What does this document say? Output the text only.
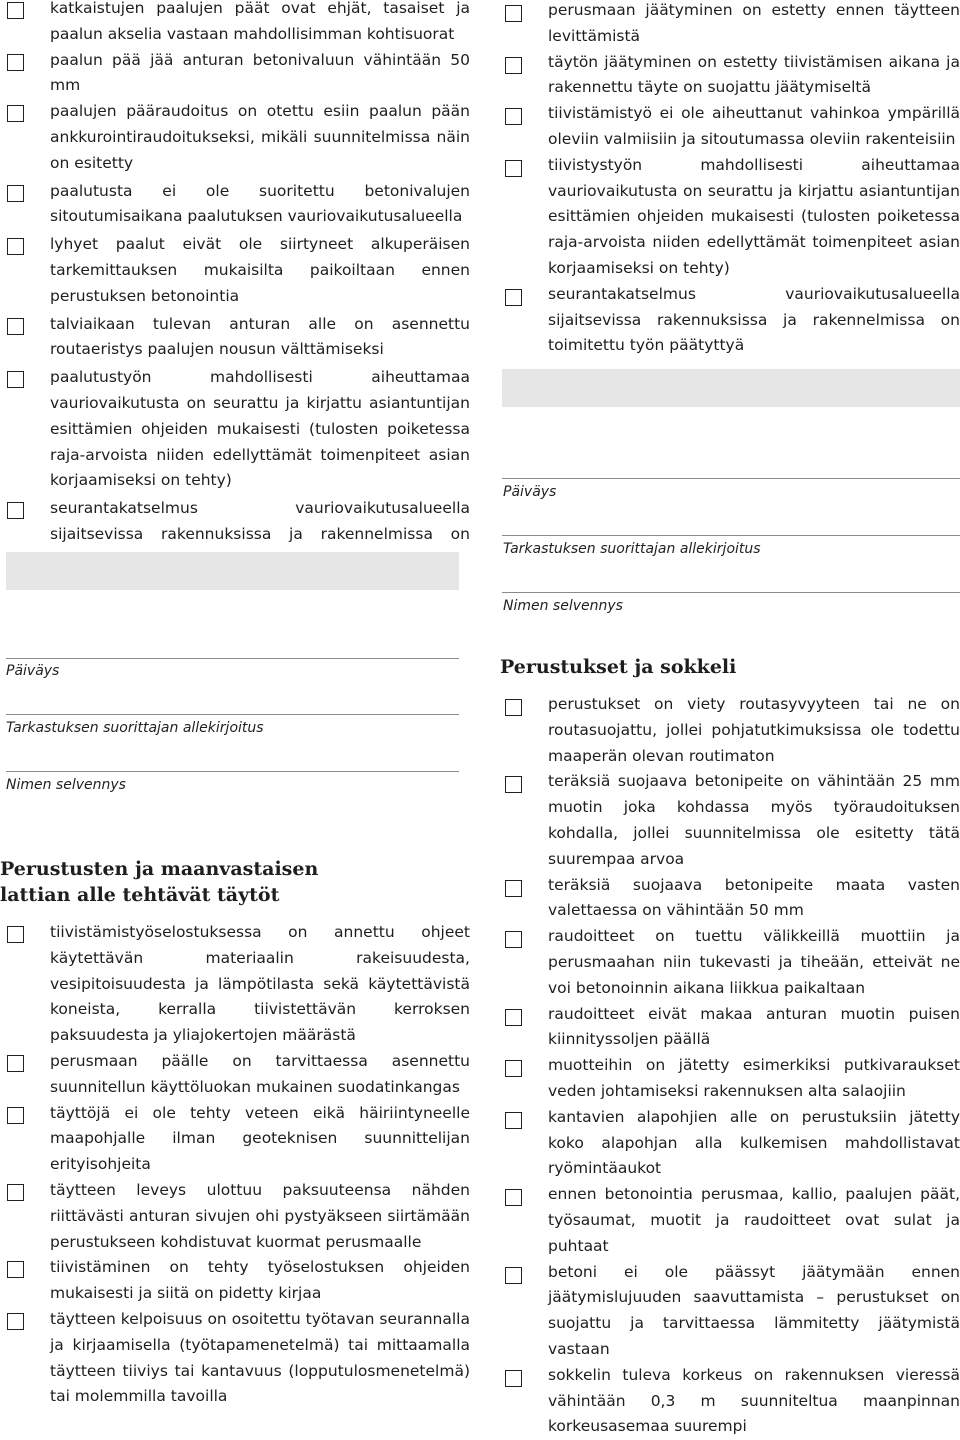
katkaistujen paalujen päät ovat ehjät, tasaiset ja paalun akselia vastaan mahdollisimman kohtisuorat
paalun pää jää anturan betonivaluun vähintään 50 mm
paalujen pääraudoitus on otettu esiin paalun pään ankkurointiraudoitukseksi, mikäli suunnitelmissa näin on esitetty
paalutusta ei ole suoritettu betonivalujen sitoutumisaikana paalutuksen vauriovaikutusalueella
lyhyet paalut eivät ole siirtyneet alkuperäisen tarkemittauksen mukaisilta paikoiltaan ennen perustuksen betonointia
talviaikaan tulevan anturan alle on asennettu routaeristys paalujen nousun välttämiseksi
paalutustyön mahdollisesti aiheuttamaa vauriovaikutusta on seurattu ja kirjattu asiantuntijan esittämien ohjeiden mukaisesti (tulosten poiketessa raja-arvoista niiden edellyttämät toimenpiteet asian korjaamiseksi on tehty)
seurantakatselmus vauriovaikutusalueella sijaitsevissa rakennuksissa ja rakennelmissa on
perusmaan jäätyminen on estetty ennen täytteen levittämistä
täytön jäätyminen on estetty tiivistämisen aikana ja rakennettu täyte on suojattu jäätymiseltä
tiivistämistyö ei ole aiheuttanut vahinkoa ympärillä oleviin valmiisiin ja sitoutumassa oleviin rakenteisiin
tiivistystyön mahdollisesti aiheuttamaa vauriovaikutusta on seurattu ja kirjattu asiantuntijan esittämien ohjeiden mukaisesti (tulosten poiketessa raja-arvoista niiden edellyttämät toimenpiteet asian korjaamiseksi on tehty)
seurantakatselmus vauriovaikutusalueella sijaitsevissa rakennuksissa ja rakennelmissa on toimitettu työn päätyttyä
Päiväys
Tarkastuksen suorittajan allekirjoitus
Nimen selvennys
Päiväys
Tarkastuksen suorittajan allekirjoitus
Nimen selvennys
Perustusten ja maanvastaisen lattian alle tehtävät täytöt
tiivistämistyöselostuksessa on annettu ohjeet käytettävän materiaalin rakeisuudesta, vesipitoisuudesta ja lämpötilasta sekä käytettävistä koneista, kerralla tiivistettävän kerroksen paksuudesta ja yliajokertojen määrästä
perusmaan päälle on tarvittaessa asennettu suunnitellun käyttöluokan mukainen suodatinkangas
täyttöjä ei ole tehty veteen eikä häiriintyneelle maapohjalle ilman geoteknisen suunnittelijan erityisohjeita
täytteen leveys ulottuu paksuuteensa nähden riittävästi anturan sivujen ohi pystyäkseen siirtämään perustukseen kohdistuvat kuormat perusmaalle
tiivistäminen on tehty työselostuksen ohjeiden mukaisesti ja siitä on pidetty kirjaa
täytteen kelpoisuus on osoitettu työtavan seurannalla ja kirjaamisella (työtapamenetelmä) tai mittaamalla täytteen tiiviys tai kantavuus (lopputulosmenetelmä) tai molemmilla tavoilla
Perustukset ja sokkeli
perustukset on viety routasyvyyteen tai ne on routasuojattu, jollei pohjatutkimuksissa ole todettu maaperän olevan routimaton
teräksiä suojaava betonipeite on vähintään 25 mm muotin joka kohdassa myös työraudoituksen kohdalla, jollei suunnitelmissa ole esitetty tätä suurempaa arvoa
teräksiä suojaava betonipeite maata vasten valettaessa on vähintään 50 mm
raudoitteet on tuettu välikkeillä muottiin ja perusmaahan niin tukevasti ja tiheään, etteivät ne voi betonoinnin aikana liikkua paikaltaan
raudoitteet eivät makaa anturan muotin puisen kiinnityssoljen päällä
muotteihin on jätetty esimerkiksi putkivaraukset veden johtamiseksi rakennuksen alta salaojiin
kantavien alapohjien alle on perustuksiin jätetty koko alapohjan alla kulkemisen mahdollistavat ryömintäaukot
ennen betonointia perusmaa, kallio, paalujen päät, työsaumat, muotit ja raudoitteet ovat sulat ja puhtaat
betoni ei ole päässyt jäätymään ennen jäätymislujuuden saavuttamista – perustukset on suojattu ja tarvittaessa lämmitetty jäätymistä vastaan
sokkelin tuleva korkeus on rakennuksen vieressä vähintään 0,3 m suunniteltua maanpinnan korkeusasemaa suurempi
